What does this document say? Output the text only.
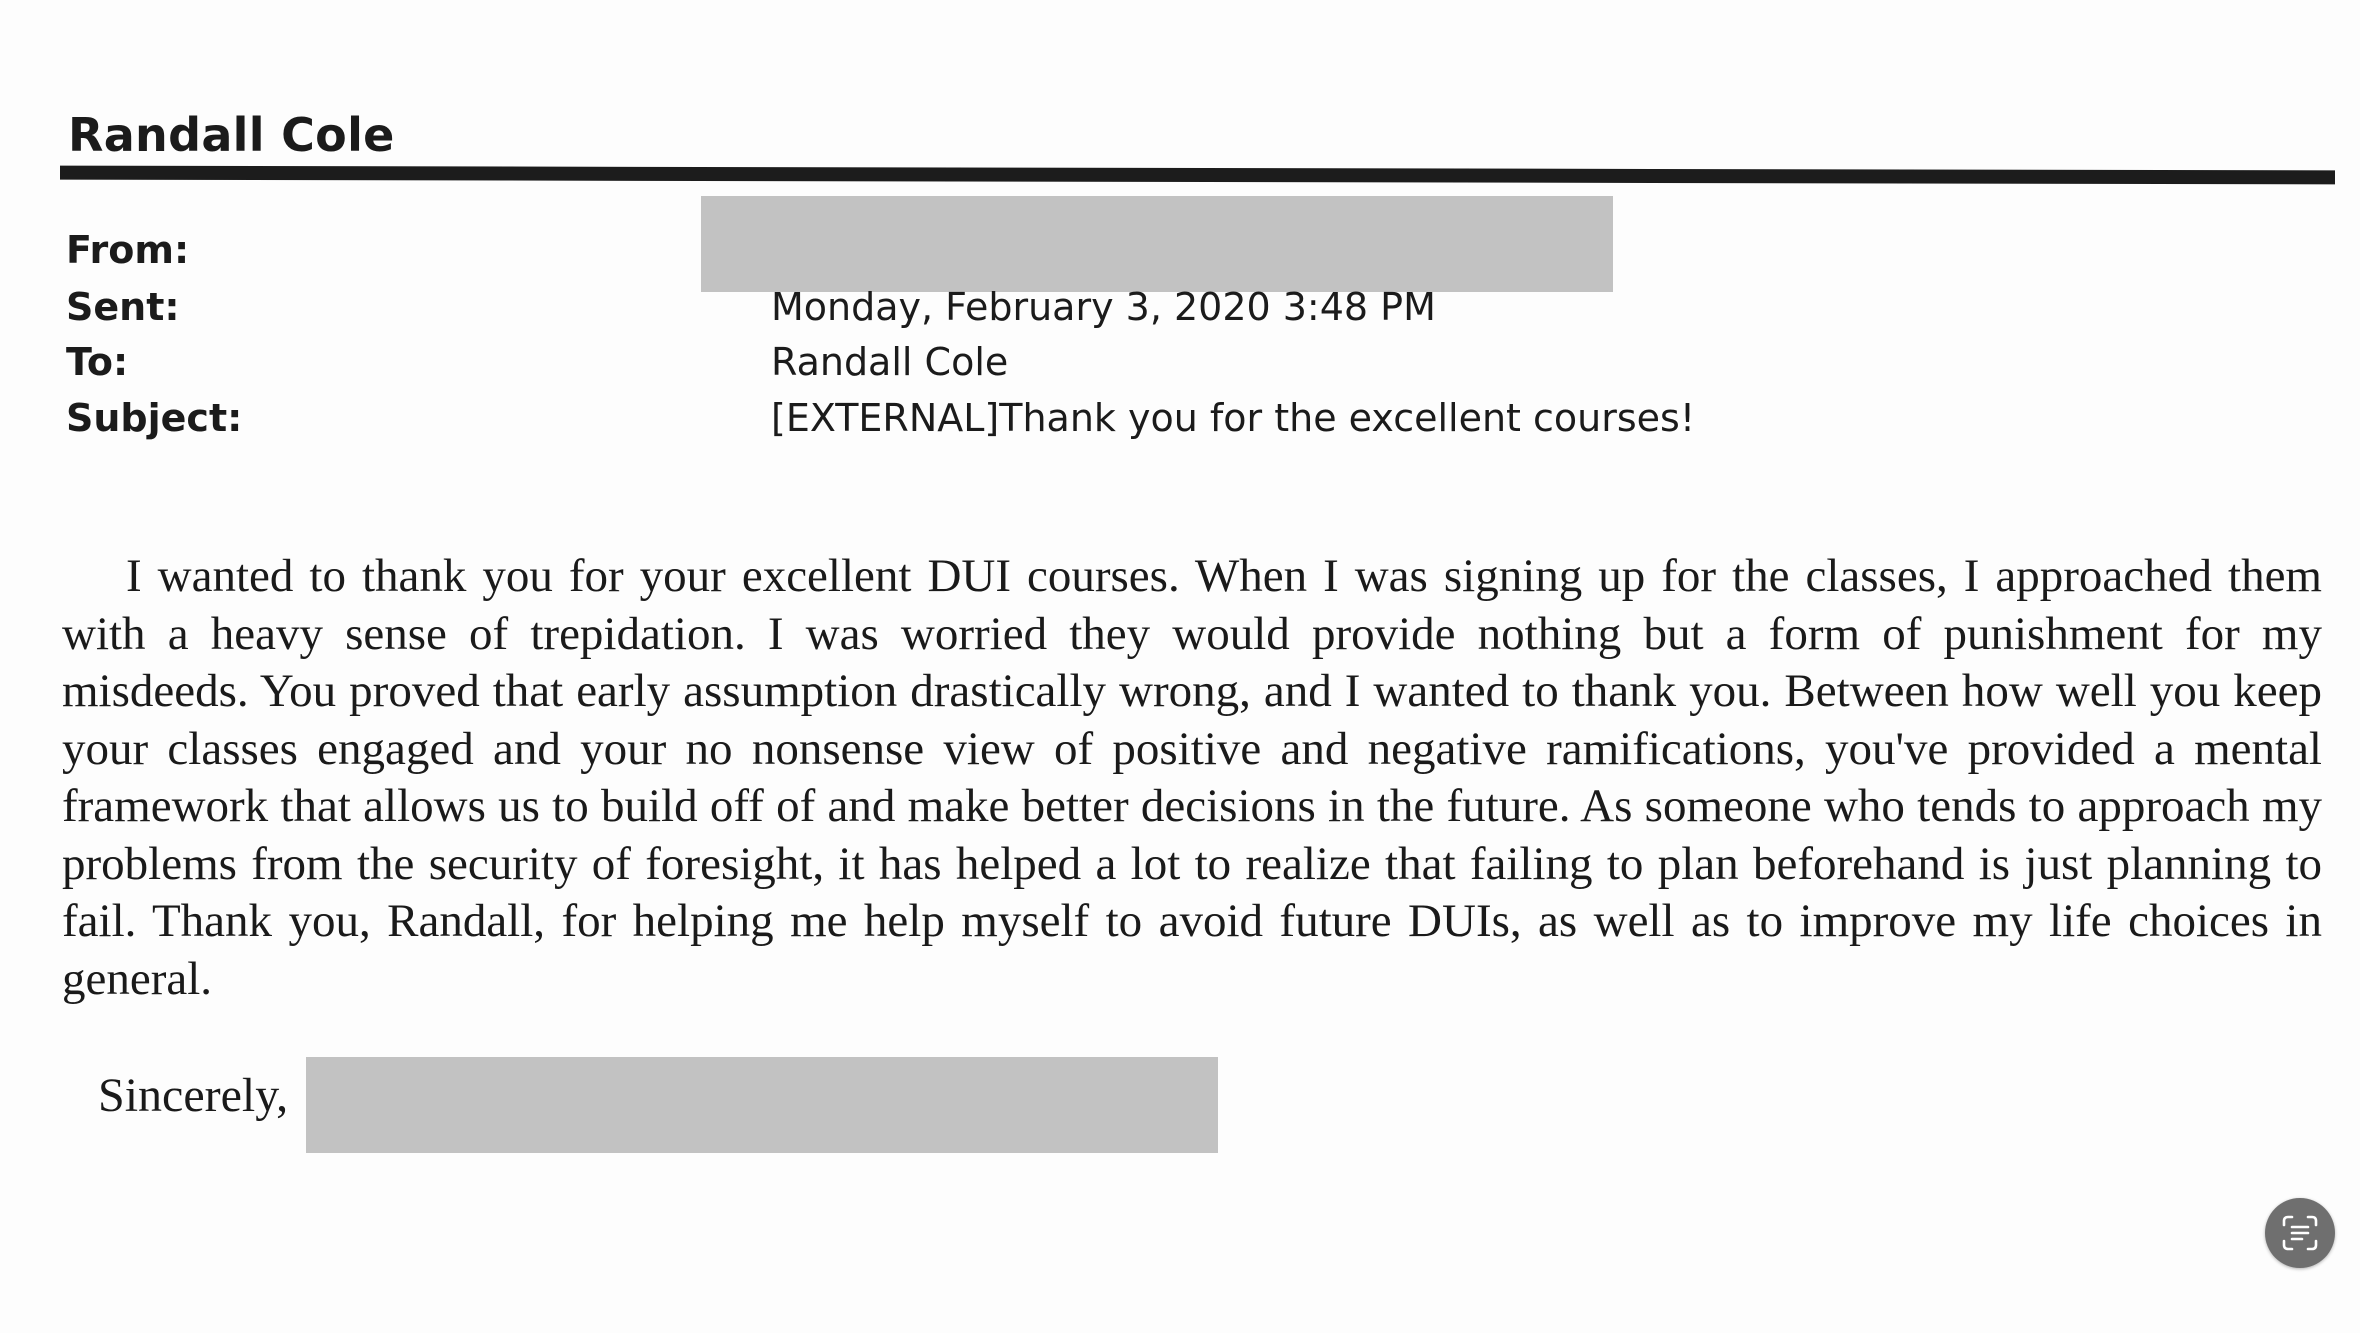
Randall Cole
From:
Sent:	Monday, February 3, 2020 3:48 PM
To:	Randall Cole
Subject:	[EXTERNAL]Thank you for the excellent courses!

I wanted to thank you for your excellent DUI courses. When I was signing up for the classes, I approached them with a heavy sense of trepidation. I was worried they would provide nothing but a form of punishment for my misdeeds. You proved that early assumption drastically wrong, and I wanted to thank you. Between how well you keep your classes engaged and your no nonsense view of positive and negative ramifications, you've provided a mental framework that allows us to build off of and make better decisions in the future. As someone who tends to approach my problems from the security of foresight, it has helped a lot to realize that failing to plan beforehand is just planning to fail. Thank you, Randall, for helping me help myself to avoid future DUIs, as well as to improve my life choices in general.

Sincerely,
